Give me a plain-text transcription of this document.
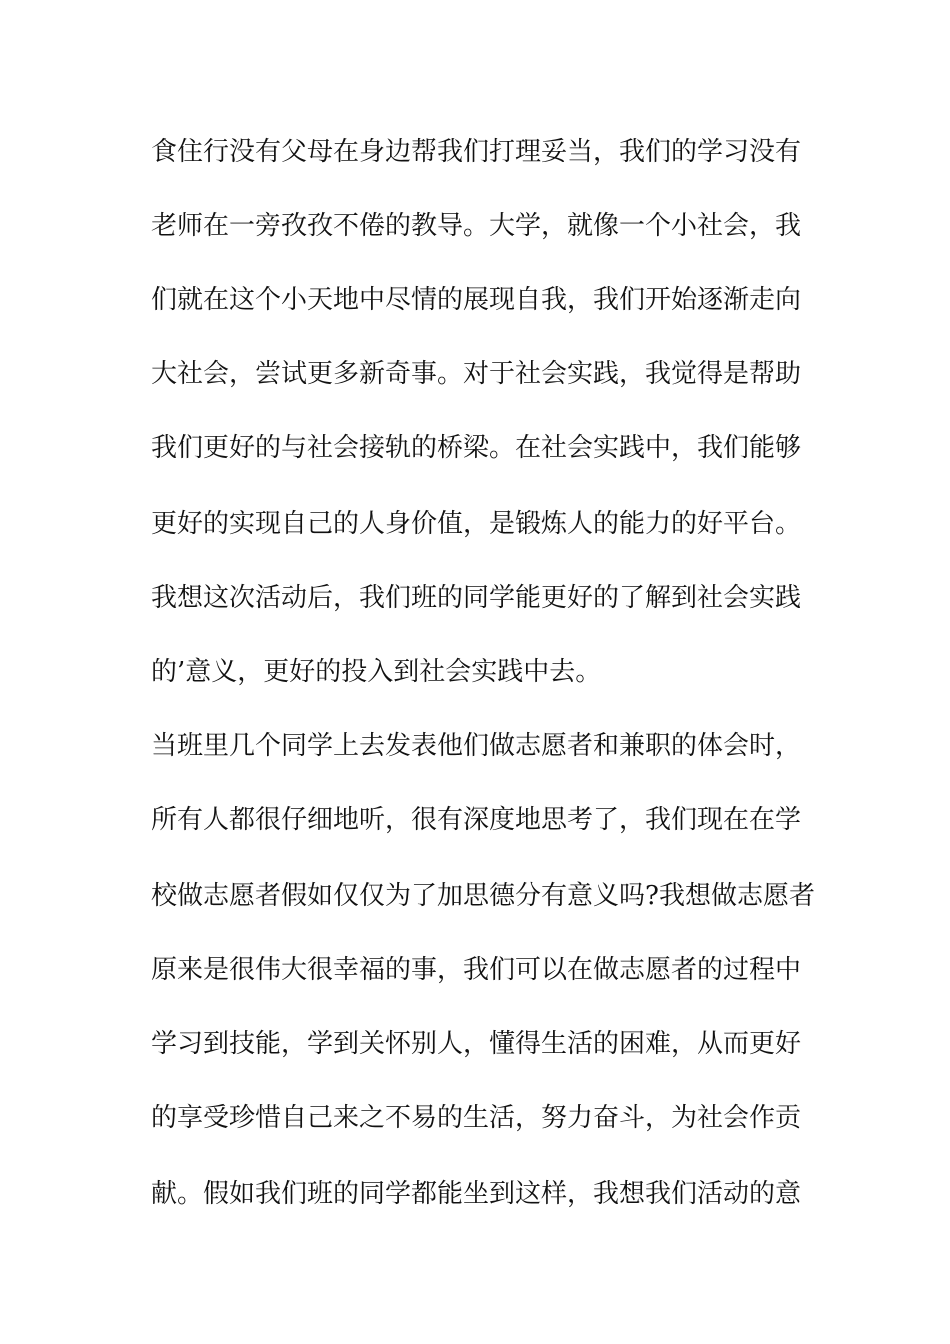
食住行没有父母在身边帮我们打理妥当，我们的学习没有
老师在一旁孜孜不倦的教导。大学，就像一个小社会，我
们就在这个小天地中尽情的展现自我，我们开始逐渐走向
大社会，尝试更多新奇事。对于社会实践，我觉得是帮助
我们更好的与社会接轨的桥梁。在社会实践中，我们能够
更好的实现自己的人身价值，是锻炼人的能力的好平台。
我想这次活动后，我们班的同学能更好的了解到社会实践
的’意义，更好的投入到社会实践中去。
当班里几个同学上去发表他们做志愿者和兼职的体会时，
所有人都很仔细地听，很有深度地思考了，我们现在在学
校做志愿者假如仅仅为了加思德分有意义吗?我想做志愿者
原来是很伟大很幸福的事，我们可以在做志愿者的过程中
学习到技能，学到关怀别人，懂得生活的困难，从而更好
的享受珍惜自己来之不易的生活，努力奋斗，为社会作贡
献。假如我们班的同学都能坐到这样，我想我们活动的意
